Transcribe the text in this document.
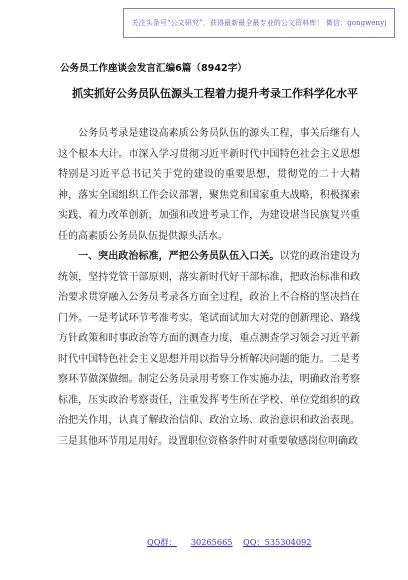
关注头条号“公文研究”，获得最新最全最专业的公文资料库！ 微信：gongwenyj
公务员工作座谈会发言汇编6篇（8942字）
抓实抓好公务员队伍源头工程着力提升考录工作科学化水平

公务员考录是建设高素质公务员队伍的源头工程，事关后继有人这个根本大计。市深入学习贯彻习近平新时代中国特色社会主义思想特别是习近平总书记关于党的建设的重要思想，贯彻党的二十大精神，落实全国组织工作会议部署，聚焦党和国家重大战略，积极探索实践、着力改革创新，加强和改进考录工作，为建设堪当民族复兴重任的高素质公务员队伍提供源头活水。

一、突出政治标准，严把公务员队伍入口关。以党的政治建设为统领，坚持党管干部原则，落实新时代好干部标准，把政治标准和政治要求贯穿融入公务员考录各方面全过程，政治上不合格的坚决挡在门外。一是考试环节考准考实。笔试面试加大对党的创新理论、路线方针政策和时事政治等方面的测查力度，重点测查学习领会习近平新时代中国特色社会主义思想并用以指导分析解决问题的能力。二是考察环节做深做细。制定公务员录用考察工作实施办法，明确政治考察标准，压实政治考察责任，注重发挥考生所在学校、单位党组织的政治把关作用，认真了解政治信仰、政治立场、政治意识和政治表现。三是其他环节用足用好。设置职位资格条件时对重要敏感岗位明确政

QQ群： 30265665 QQ：535304092
